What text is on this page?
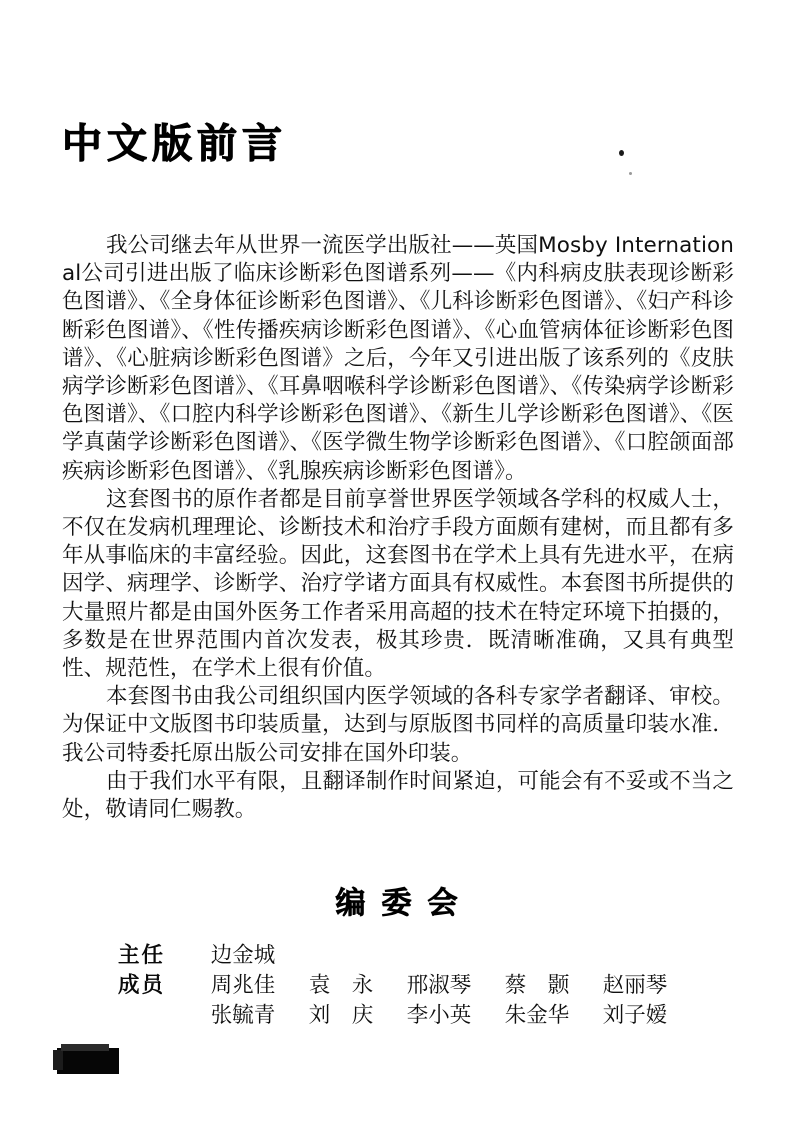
中文版前言

我公司继去年从世界一流医学出版社——英国Mosby International公司引进出版了临床诊断彩色图谱系列——《内科病皮肤表现诊断彩色图谱》、《全身体征诊断彩色图谱》、《儿科诊断彩色图谱》、《妇产科诊断彩色图谱》、《性传播疾病诊断彩色图谱》、《心血管病体征诊断彩色图谱》、《心脏病诊断彩色图谱》之后，今年又引进出版了该系列的《皮肤病学诊断彩色图谱》、《耳鼻咽喉科学诊断彩色图谱》、《传染病学诊断彩色图谱》、《口腔内科学诊断彩色图谱》、《新生儿学诊断彩色图谱》、《医学真菌学诊断彩色图谱》、《医学微生物学诊断彩色图谱》、《口腔颌面部疾病诊断彩色图谱》、《乳腺疾病诊断彩色图谱》。

这套图书的原作者都是目前享誉世界医学领域各学科的权威人士，不仅在发病机理理论、诊断技术和治疗手段方面颇有建树，而且都有多年从事临床的丰富经验。因此，这套图书在学术上具有先进水平，在病因学、病理学、诊断学、治疗学诸方面具有权威性。本套图书所提供的大量照片都是由国外医务工作者采用高超的技术在特定环境下拍摄的，多数是在世界范围内首次发表，极其珍贵．既清晰准确，又具有典型性、规范性，在学术上很有价值。

本套图书由我公司组织国内医学领域的各科专家学者翻译、审校。为保证中文版图书印装质量，达到与原版图书同样的高质量印装水准．我公司特委托原出版公司安排在国外印装。

由于我们水平有限，且翻译制作时间紧迫，可能会有不妥或不当之处，敬请同仁赐教。

编委会
主任	边金城
成员	周兆佳	袁　永	邢淑琴	蔡　颢	赵丽琴
张毓青	刘　庆	李小英	朱金华	刘子嫒
